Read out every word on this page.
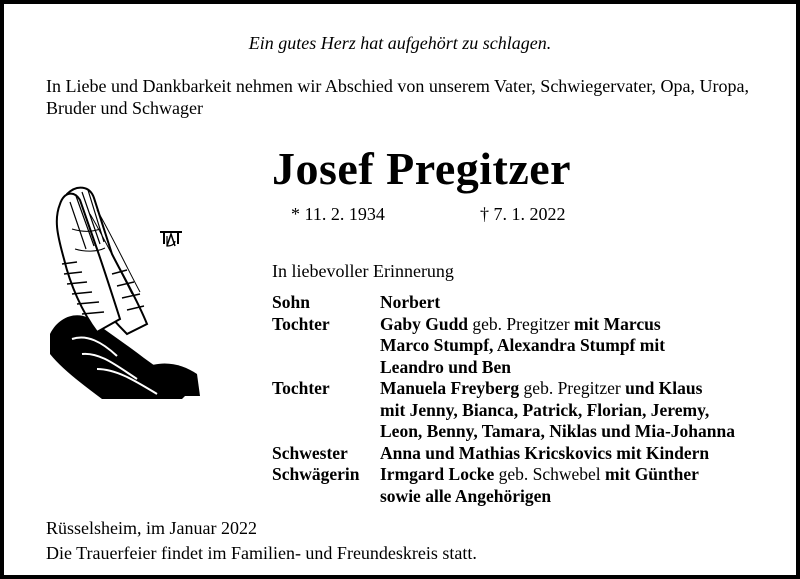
Ein gutes Herz hat aufgehört zu schlagen.
In Liebe und Dankbarkeit nehmen wir Abschied von unserem Vater, Schwiegervater, Opa, Uropa, Bruder und Schwager
Josef Pregitzer
* 11. 2. 1934	† 7. 1. 2022
In liebevoller Erinnerung
Sohn	Norbert
Tochter	Gaby Gudd geb. Pregitzer mit Marcus
Marco Stumpf, Alexandra Stumpf mit
Leandro und Ben
Tochter	Manuela Freyberg geb. Pregitzer und Klaus
mit Jenny, Bianca, Patrick, Florian, Jeremy,
Leon, Benny, Tamara, Niklas und Mia-Johanna
Schwester Anna und Mathias Kricskovics mit Kindern
Schwägerin Irmgard Locke geb. Schwebel mit Günther
sowie alle Angehörigen
Rüsselsheim, im Januar 2022
Die Trauerfeier findet im Familien- und Freundeskreis statt.
